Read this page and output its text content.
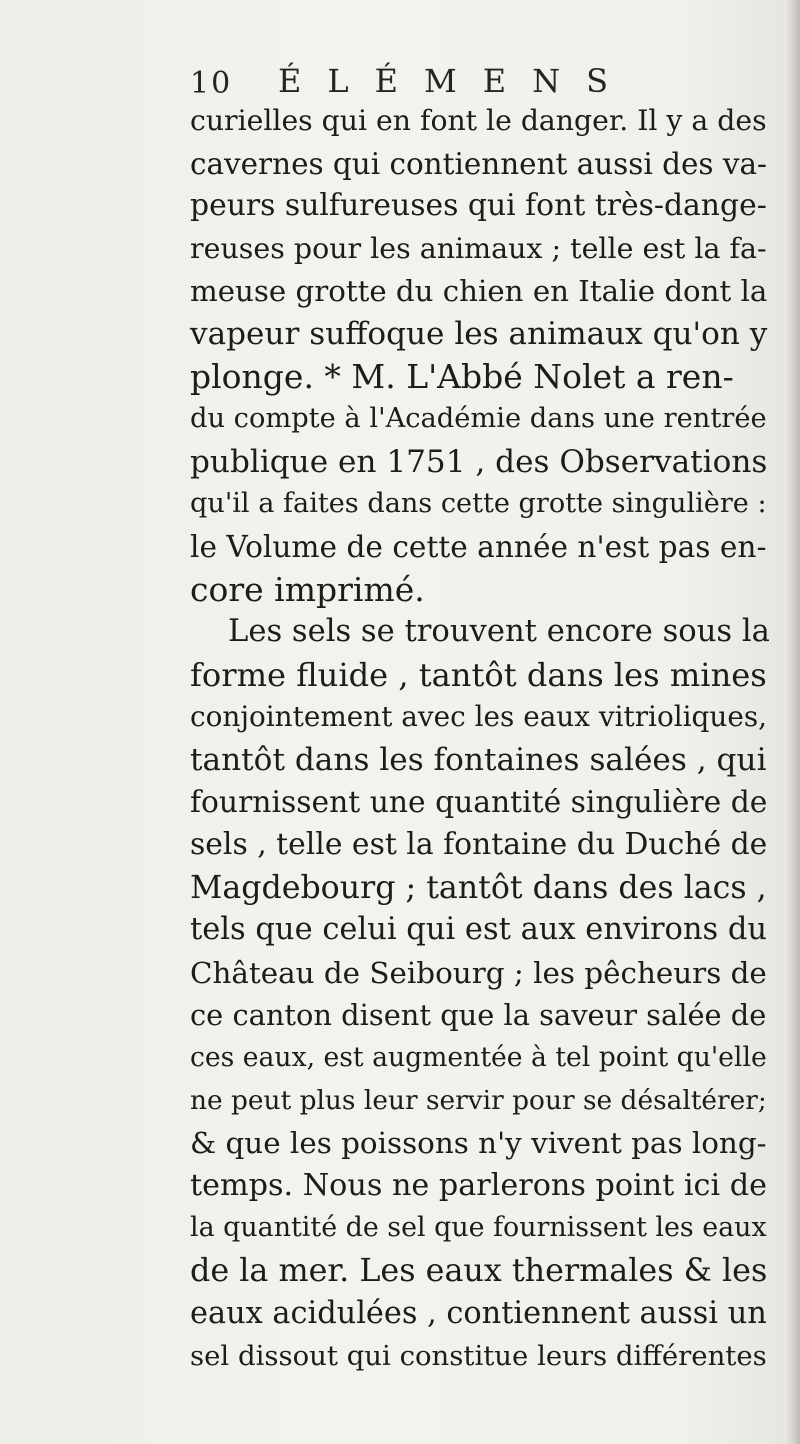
10 ÉLÉMENS
curielles qui en font le danger. Il y a des
cavernes qui contiennent aussi des va-
peurs sulfureuses qui font très-dange-
reuses pour les animaux ; telle est la fa-
meuse grotte du chien en Italie dont la
vapeur suffoque les animaux qu'on y
plonge. * M. L'Abbé Nolet a ren-
du compte à l'Académie dans une rentrée
publique en 1751 , des Observations
qu'il a faites dans cette grotte singulière :
le Volume de cette année n'est pas en-
core imprimé.
Les sels se trouvent encore sous la
forme fluide , tantôt dans les mines
conjointement avec les eaux vitrioliques,
tantôt dans les fontaines salées , qui
fournissent une quantité singulière de
sels , telle est la fontaine du Duché de
Magdebourg ; tantôt dans des lacs ,
tels que celui qui est aux environs du
Château de Seibourg ; les pêcheurs de
ce canton disent que la saveur salée de
ces eaux, est augmentée à tel point qu'elle
ne peut plus leur servir pour se désaltérer;
& que les poissons n'y vivent pas long-
temps. Nous ne parlerons point ici de
la quantité de sel que fournissent les eaux
de la mer. Les eaux thermales & les
eaux acidulées , contiennent aussi un
sel dissout qui constitue leurs différentes
